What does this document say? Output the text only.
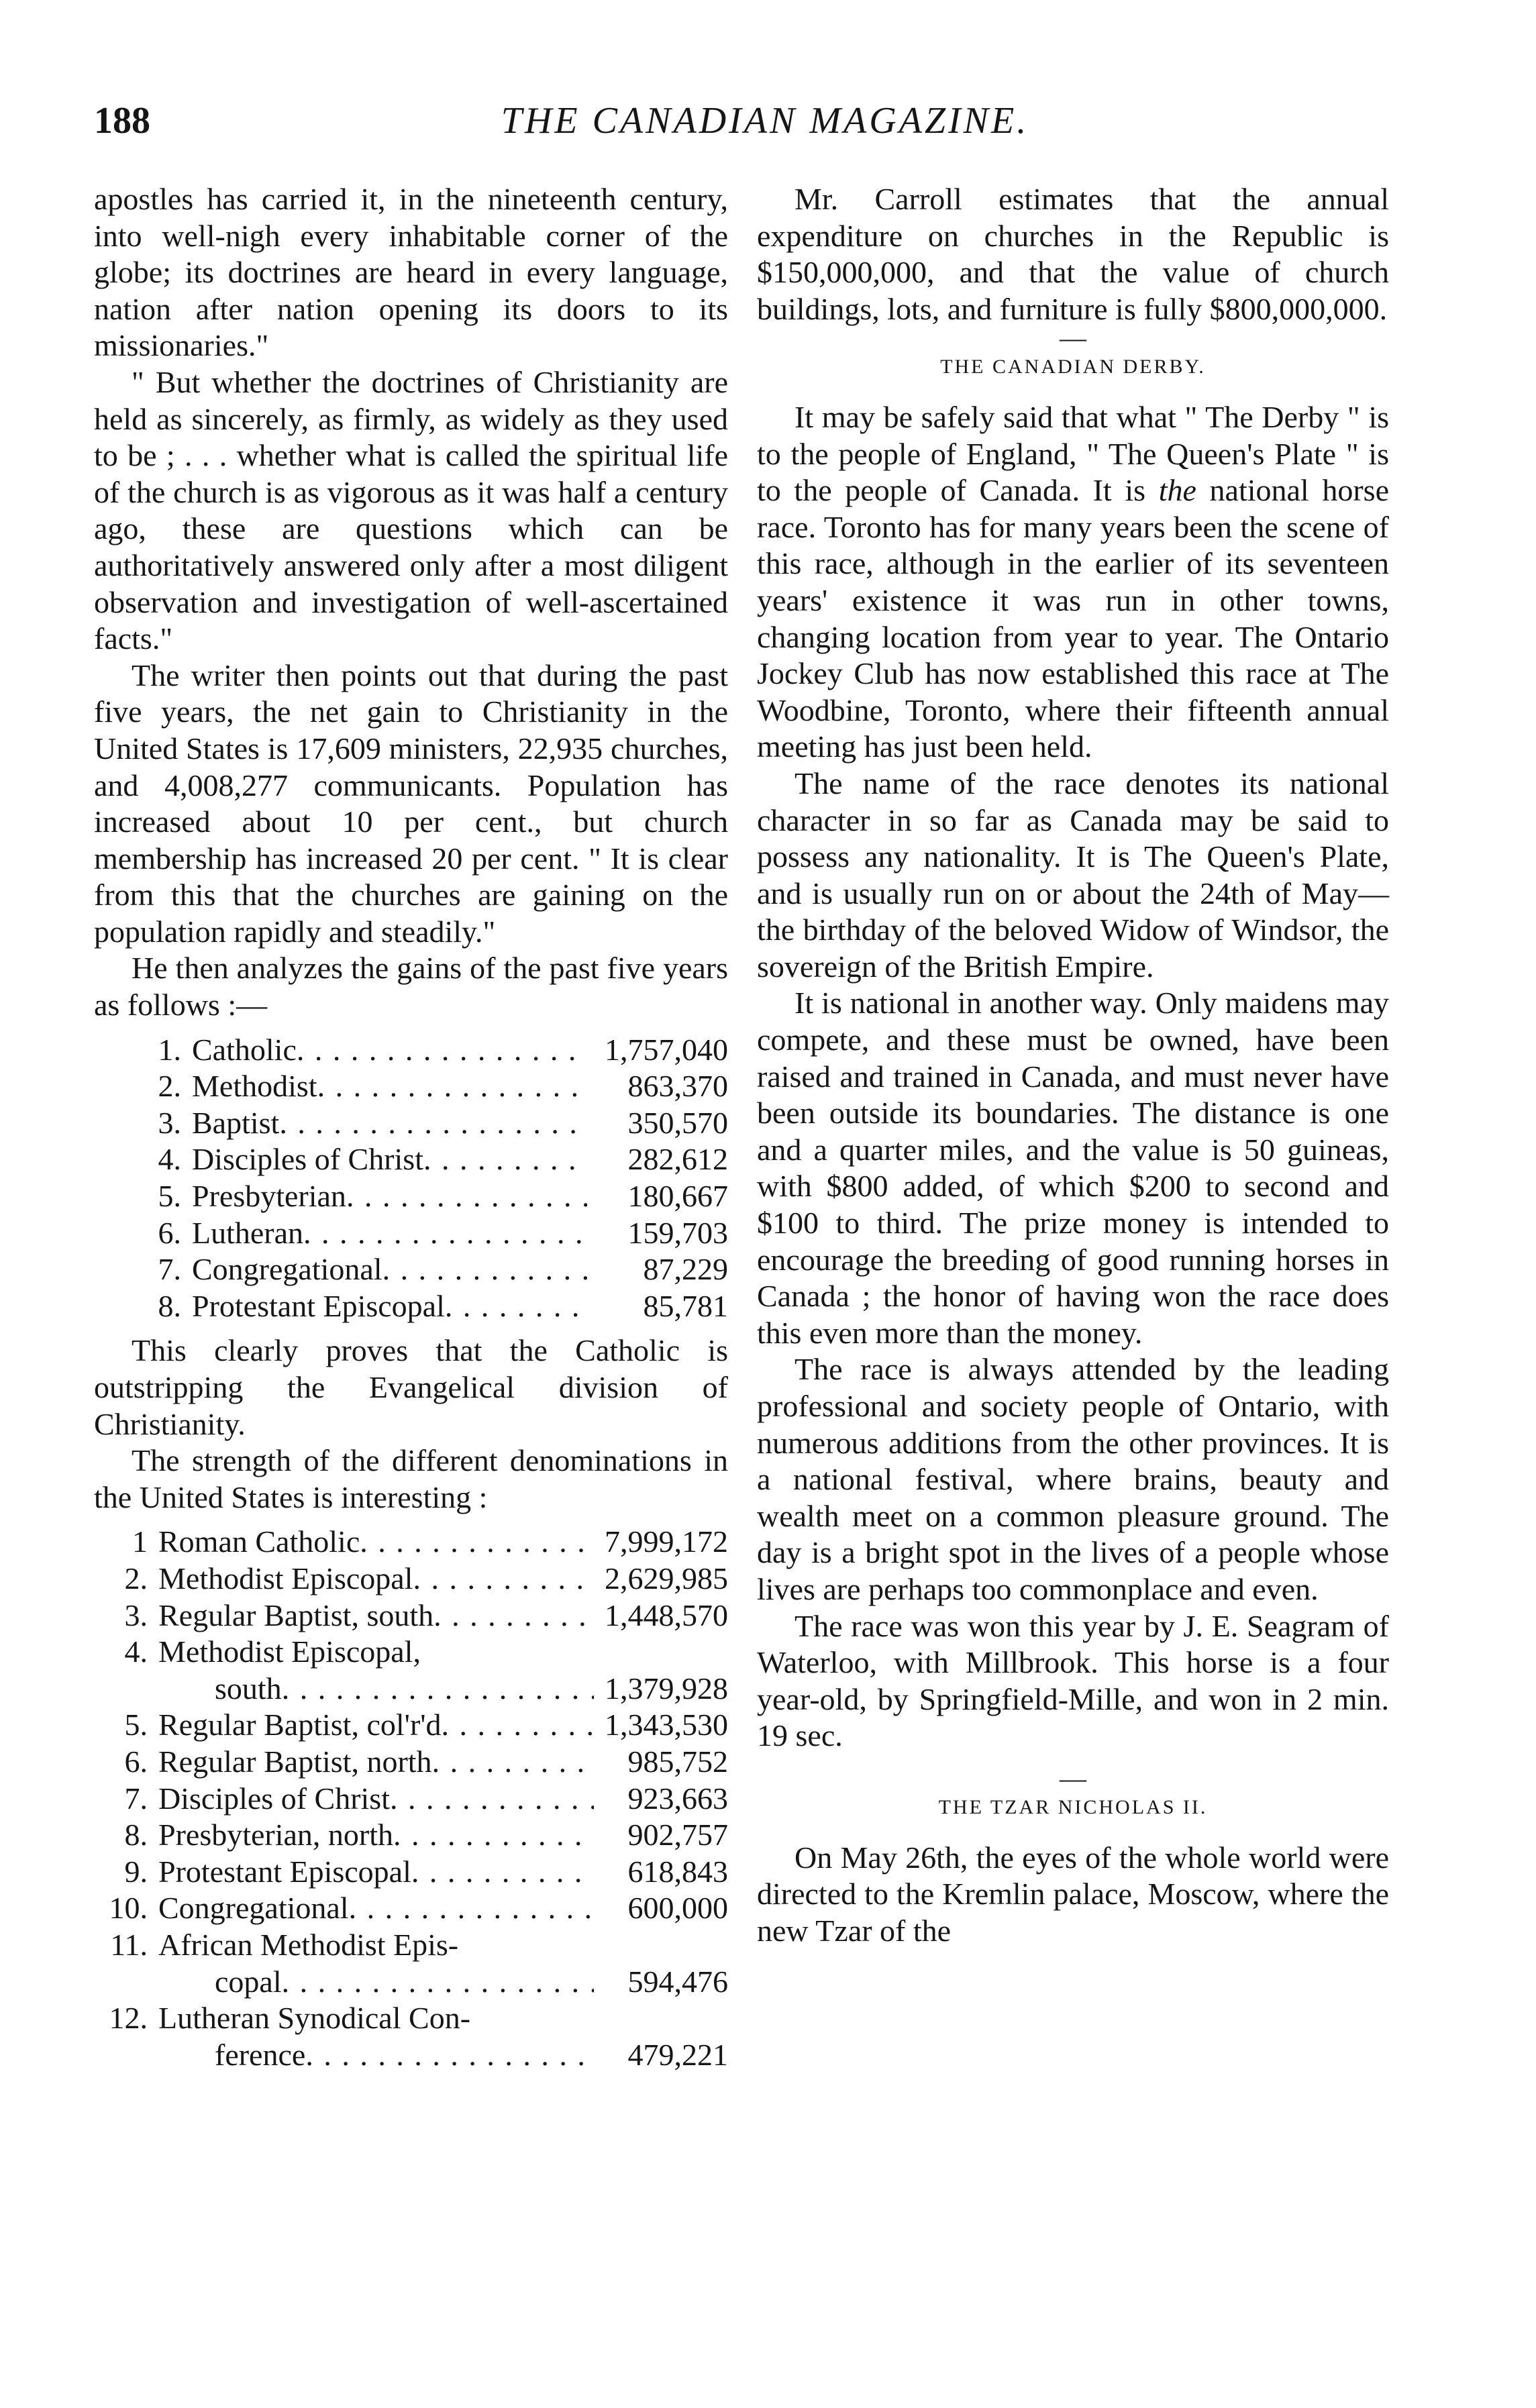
188	THE CANADIAN MAGAZINE.

apostles has carried it, in the nineteenth century, into well-nigh every inhabitable corner of the globe; its doctrines are heard in every language, nation after nation opening its doors to its missionaries."

" But whether the doctrines of Christianity are held as sincerely, as firmly, as widely as they used to be ; . . . whether what is called the spiritual life of the church is as vigorous as it was half a century ago, these are questions which can be authoritatively answered only after a most diligent observation and investigation of well-ascertained facts."

The writer then points out that during the past five years, the net gain to Christianity in the United States is 17,609 ministers, 22,935 churches, and 4,008,277 communicants. Population has increased about 10 per cent., but church membership has increased 20 per cent. " It is clear from this that the churches are gaining on the population rapidly and steadily."

He then analyzes the gains of the past five years as follows :—

1. Catholic . . .	1,757,040
2. Methodist . . .	863,370
3. Baptist . . .	350,570
4. Disciples of Christ . . .	282,612
5. Presbyterian . . .	180,667
6. Lutheran . . .	159,703
7. Congregational . . .	87,229
8. Protestant Episcopal . . .	85,781

This clearly proves that the Catholic is outstripping the Evangelical division of Christianity.

The strength of the different denominations in the United States is interesting :

1 Roman Catholic . . .	7,999,172
2. Methodist Episcopal . . .	2,629,985
3. Regular Baptist, south . . .	1,448,570
4. Methodist Episcopal,
south . . .	1,379,928
5. Regular Baptist, col'r'd . . .	1,343,530
6. Regular Baptist, north . . .	985,752
7. Disciples of Christ . . .	923,663
8. Presbyterian, north . . .	902,757
9. Protestant Episcopal . . .	618,843
10. Congregational . . .	600,000
11. African Methodist Epis-
copal . . .	594,476
12. Lutheran Synodical Con-
ference . . .	479,221

Mr. Carroll estimates that the annual expenditure on churches in the Republic is $150,000,000, and that the value of church buildings, lots, and furniture is fully $800,000,000.

—

THE CANADIAN DERBY.

It may be safely said that what " The Derby " is to the people of England, " The Queen's Plate " is to the people of Canada. It is the national horse race. Toronto has for many years been the scene of this race, although in the earlier of its seventeen years' existence it was run in other towns, changing location from year to year. The Ontario Jockey Club has now established this race at The Woodbine, Toronto, where their fifteenth annual meeting has just been held.

The name of the race denotes its national character in so far as Canada may be said to possess any nationality. It is The Queen's Plate, and is usually run on or about the 24th of May—the birthday of the beloved Widow of Windsor, the sovereign of the British Empire.

It is national in another way. Only maidens may compete, and these must be owned, have been raised and trained in Canada, and must never have been outside its boundaries. The distance is one and a quarter miles, and the value is 50 guineas, with $800 added, of which $200 to second and $100 to third. The prize money is intended to encourage the breeding of good running horses in Canada ; the honor of having won the race does this even more than the money.

The race is always attended by the leading professional and society people of Ontario, with numerous additions from the other provinces. It is a national festival, where brains, beauty and wealth meet on a common pleasure ground. The day is a bright spot in the lives of a people whose lives are perhaps too commonplace and even.

The race was won this year by J. E. Seagram of Waterloo, with Millbrook. This horse is a four year-old, by Springfield-Mille, and won in 2 min. 19 sec.

—

THE TZAR NICHOLAS II.

On May 26th, the eyes of the whole world were directed to the Kremlin palace, Moscow, where the new Tzar of the
